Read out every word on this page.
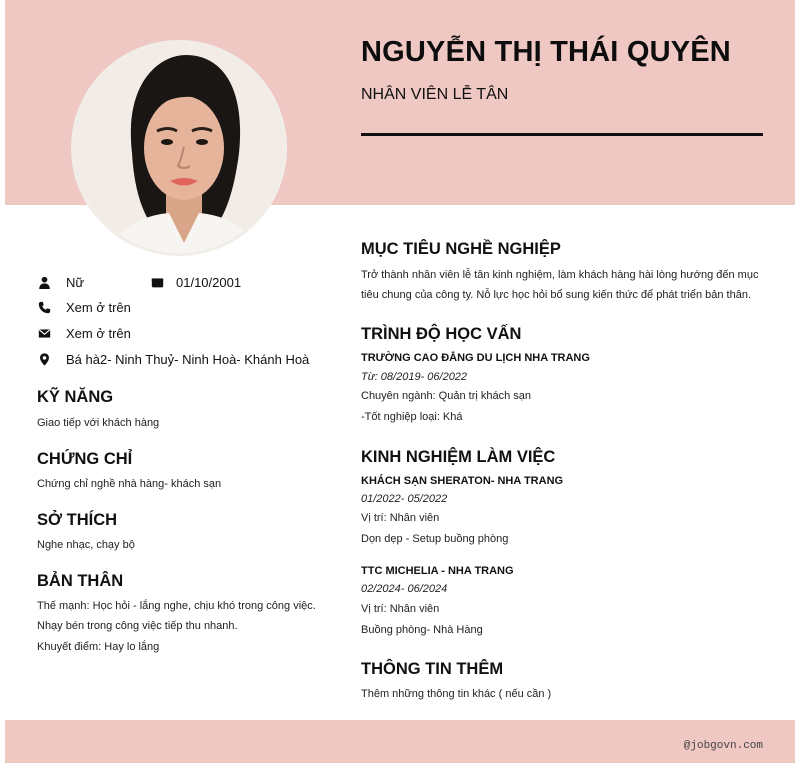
NGUYỄN THỊ THÁI QUYÊN
NHÂN VIÊN LỄ TÂN
Nữ	01/10/2001
Xem ở trên
Xem ở trên
Bá hà2- Ninh Thuỷ- Ninh Hoà- Khánh Hoà
KỸ NĂNG
Giao tiếp với khách hàng
CHỨNG CHỈ
Chứng chỉ nghề nhà hàng- khách sạn
SỞ THÍCH
Nghe nhạc, chạy bộ
BẢN THÂN
Thế mạnh: Học hỏi - lắng nghe, chịu khó trong công việc.
Nhạy bén trong công việc tiếp thu nhanh.
Khuyết điểm: Hay lo lắng
MỤC TIÊU NGHỀ NGHIỆP
Trở thành nhân viên lễ tân kinh nghiệm, làm khách hàng hài lòng hướng đến mục tiêu chung của công ty. Nỗ lực học hỏi bổ sung kiến thức để phát triển bản thân.
TRÌNH ĐỘ HỌC VẤN
TRƯỜNG CAO ĐẲNG DU LỊCH NHA TRANG
Từ: 08/2019- 06/2022
Chuyên ngành: Quản trị khách sạn
-Tốt nghiệp loại: Khá
KINH NGHIỆM LÀM VIỆC
KHÁCH SẠN SHERATON- NHA TRANG
01/2022- 05/2022
Vị trí: Nhân viên
Dọn dẹp - Setup buồng phòng
TTC MICHELIA - NHA TRANG
02/2024- 06/2024
Vị trí: Nhân viên
Buồng phòng- Nhà Hàng
THÔNG TIN THÊM
Thêm những thông tin khác ( nếu cần )
@jobgovn.com
